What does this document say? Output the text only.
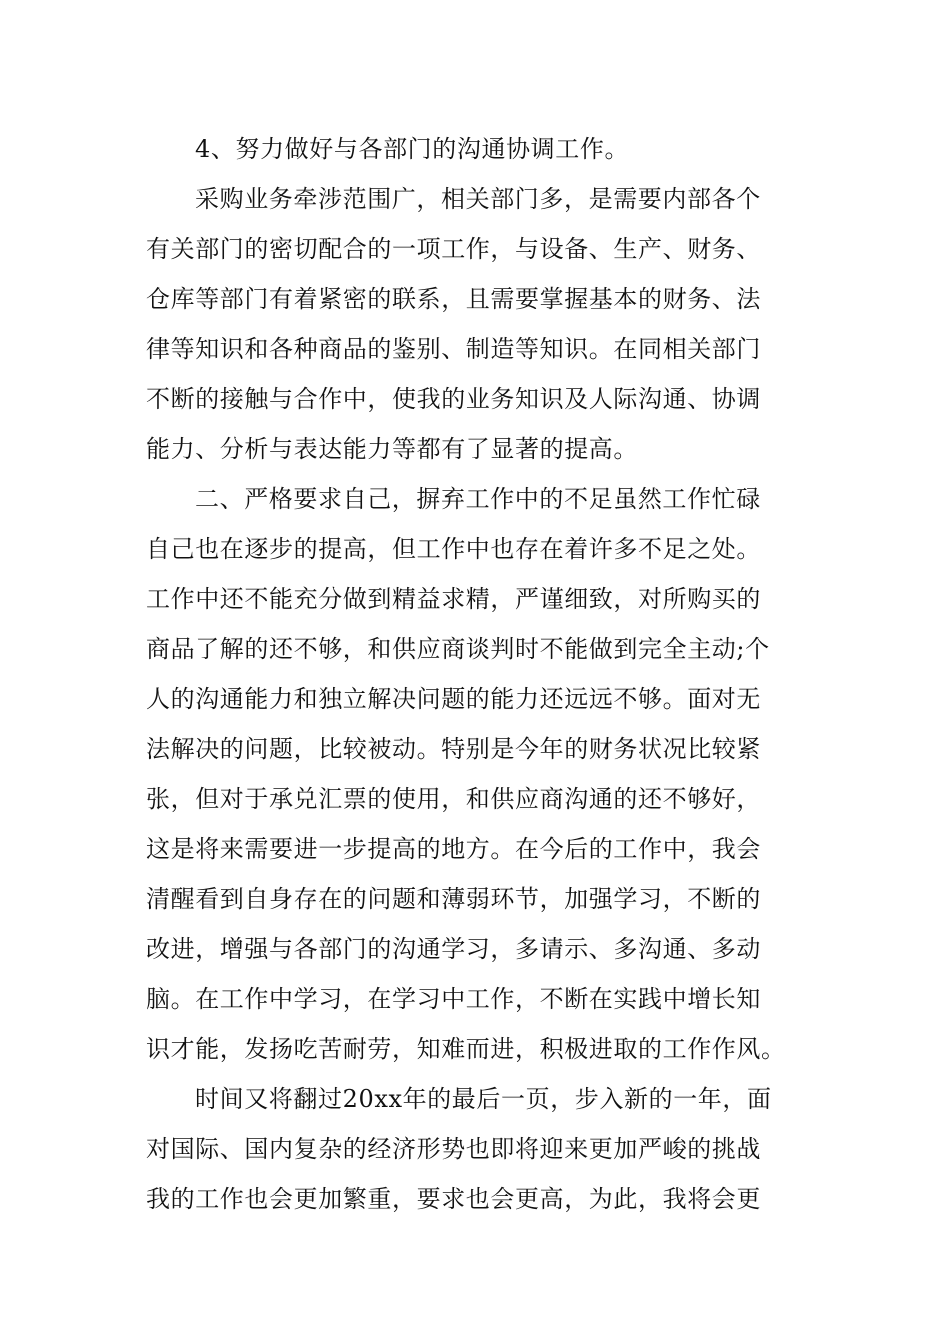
4、努力做好与各部门的沟通协调工作。
采购业务牵涉范围广，相关部门多，是需要内部各个
有关部门的密切配合的一项工作，与设备、生产、财务、
仓库等部门有着紧密的联系，且需要掌握基本的财务、法
律等知识和各种商品的鉴别、制造等知识。在同相关部门
不断的接触与合作中，使我的业务知识及人际沟通、协调
能力、分析与表达能力等都有了显著的提高。
二、严格要求自己，摒弃工作中的不足虽然工作忙碌
自己也在逐步的提高，但工作中也存在着许多不足之处。
工作中还不能充分做到精益求精，严谨细致，对所购买的
商品了解的还不够，和供应商谈判时不能做到完全主动;个
人的沟通能力和独立解决问题的能力还远远不够。面对无
法解决的问题，比较被动。特别是今年的财务状况比较紧
张，但对于承兑汇票的使用，和供应商沟通的还不够好，
这是将来需要进一步提高的地方。在今后的工作中，我会
清醒看到自身存在的问题和薄弱环节，加强学习，不断的
改进，增强与各部门的沟通学习，多请示、多沟通、多动
脑。在工作中学习，在学习中工作，不断在实践中增长知
识才能，发扬吃苦耐劳，知难而进，积极进取的工作作风。
时间又将翻过20xx年的最后一页，步入新的一年，面
对国际、国内复杂的经济形势也即将迎来更加严峻的挑战
我的工作也会更加繁重，要求也会更高，为此，我将会更
